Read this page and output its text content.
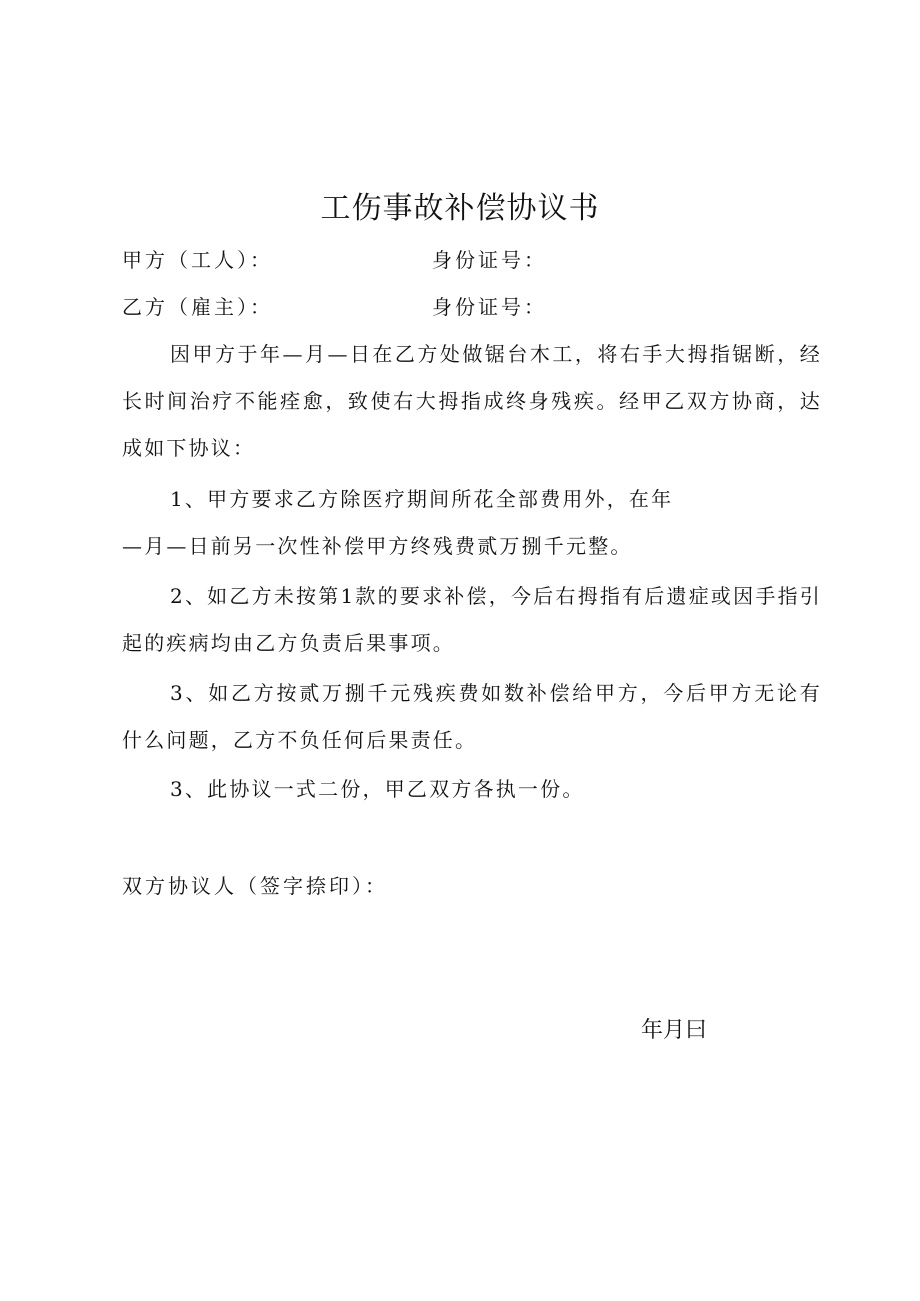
工伤事故补偿协议书
甲方（工人）：	身份证号：
乙方（雇主）：	身份证号：

因甲方于年—月—日在乙方处做锯台木工，将右手大拇指锯断，经长时间治疗不能痊愈，致使右大拇指成终身残疾。经甲乙双方协商，达成如下协议：

1、甲方要求乙方除医疗期间所花全部费用外，在年

—月—日前另一次性补偿甲方终残费贰万捌千元整。

2、如乙方未按第1款的要求补偿，今后右拇指有后遗症或因手指引起的疾病均由乙方负责后果事项。

3、如乙方按贰万捌千元残疾费如数补偿给甲方，今后甲方无论有什么问题，乙方不负任何后果责任。

3、此协议一式二份，甲乙双方各执一份。

双方协议人（签字捺印）：
年月曰
